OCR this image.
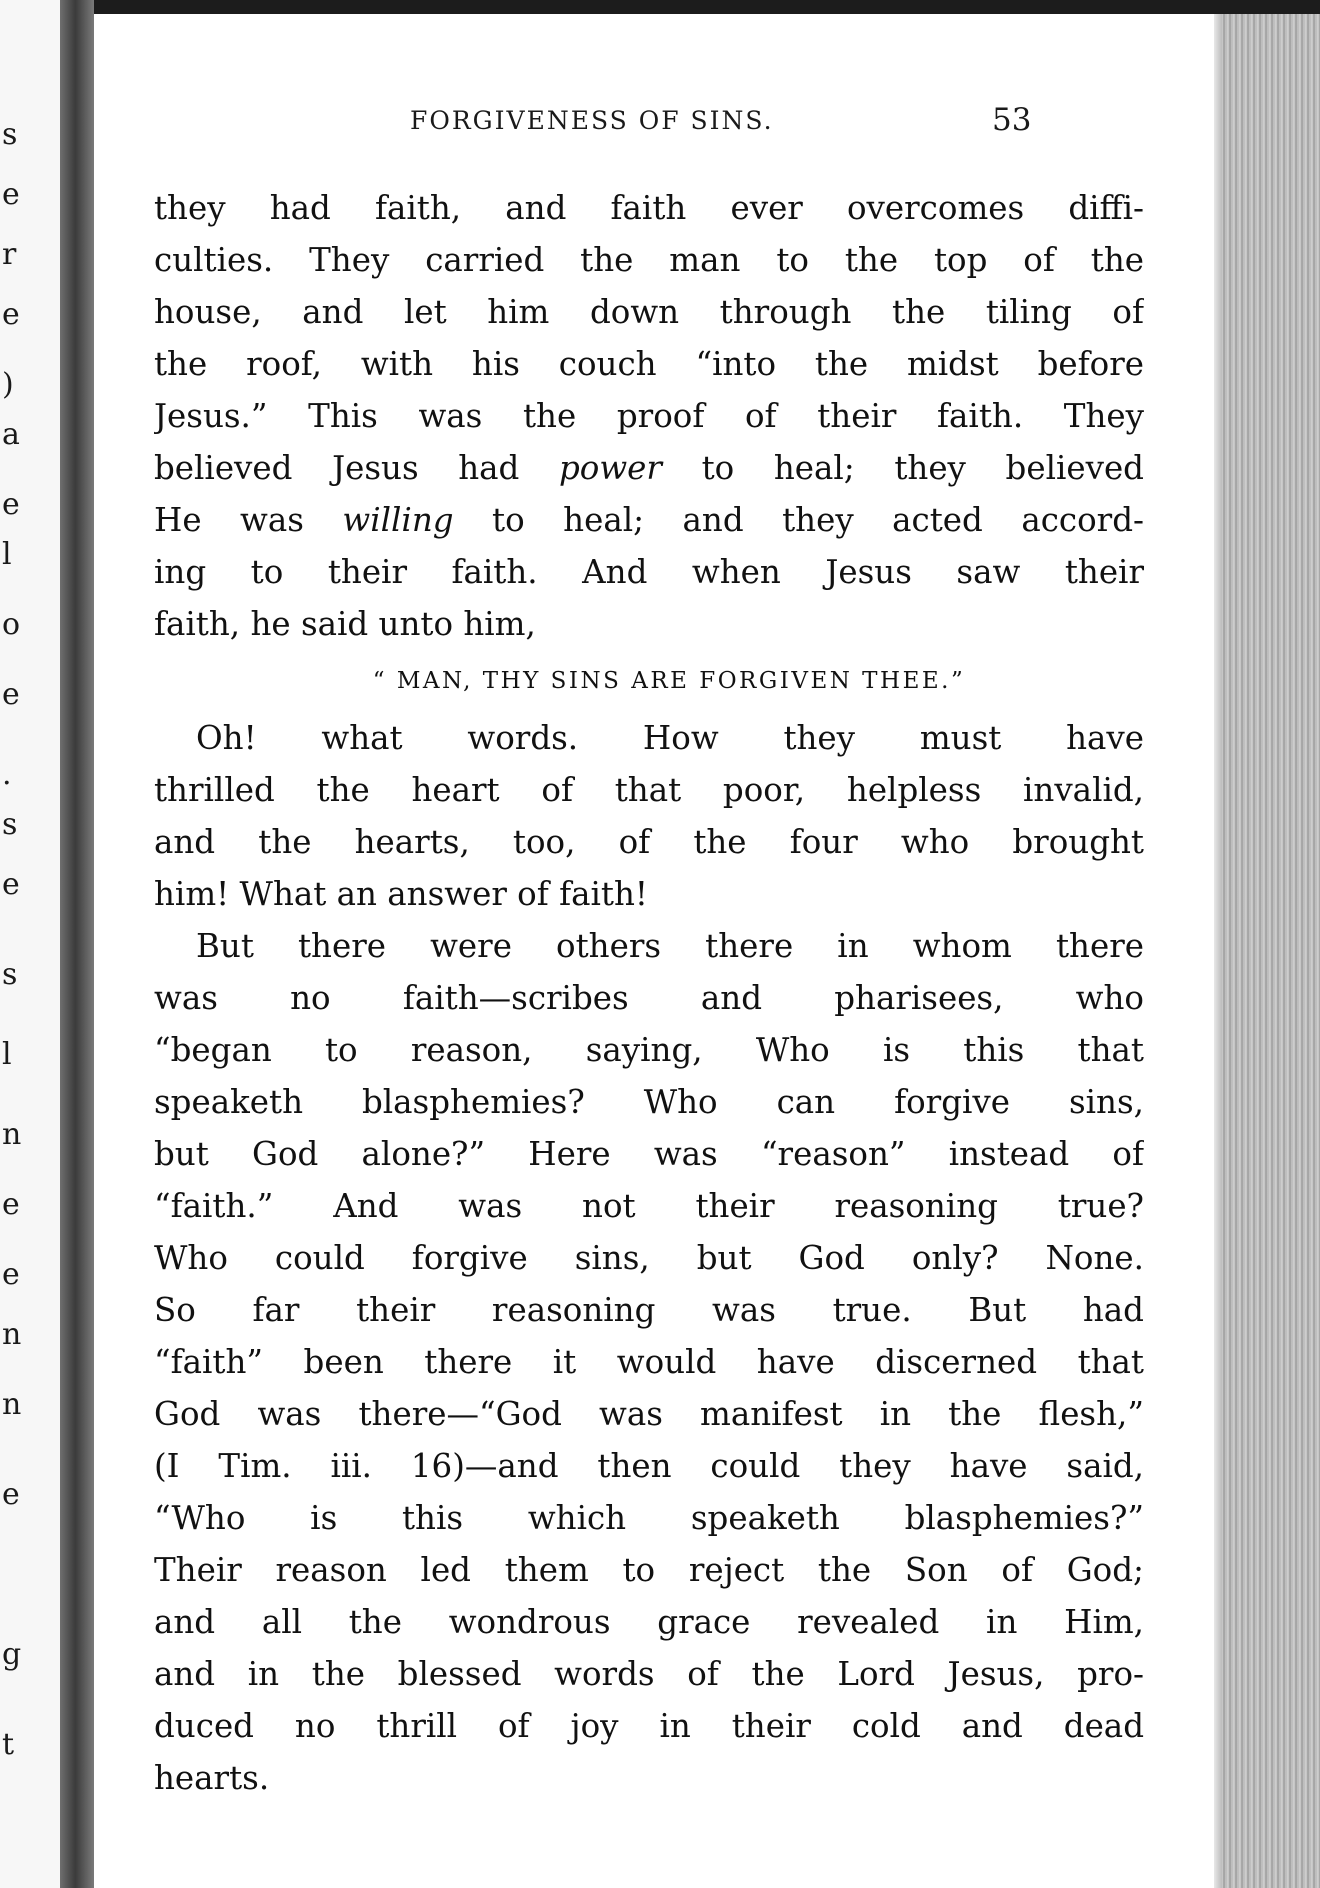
s
e
r
e
)
a
e
l
o
e
.
s
e
s
l
n
e
e
n
n
e
g
t
FORGIVENESS OF SINS.	53
they had faith, and faith ever overcomes diffi-
culties. They carried the man to the top of the
house, and let him down through the tiling of
the roof, with his couch “into the midst before
Jesus.” This was the proof of their faith. They
believed Jesus had power to heal; they believed
He was willing to heal; and they acted accord-
ing to their faith. And when Jesus saw their
faith, he said unto him,
“ MAN, THY SINS ARE FORGIVEN THEE.”
Oh! what words. How they must have
thrilled the heart of that poor, helpless invalid,
and the hearts, too, of the four who brought
him! What an answer of faith!
But there were others there in whom there
was no faith—scribes and pharisees, who
“began to reason, saying, Who is this that
speaketh blasphemies? Who can forgive sins,
but God alone?” Here was “reason” instead of
“faith.” And was not their reasoning true?
Who could forgive sins, but God only? None.
So far their reasoning was true. But had
“faith” been there it would have discerned that
God was there—“God was manifest in the flesh,”
(I Tim. iii. 16)—and then could they have said,
“Who is this which speaketh blasphemies?”
Their reason led them to reject the Son of God;
and all the wondrous grace revealed in Him,
and in the blessed words of the Lord Jesus, pro-
duced no thrill of joy in their cold and dead
hearts.
